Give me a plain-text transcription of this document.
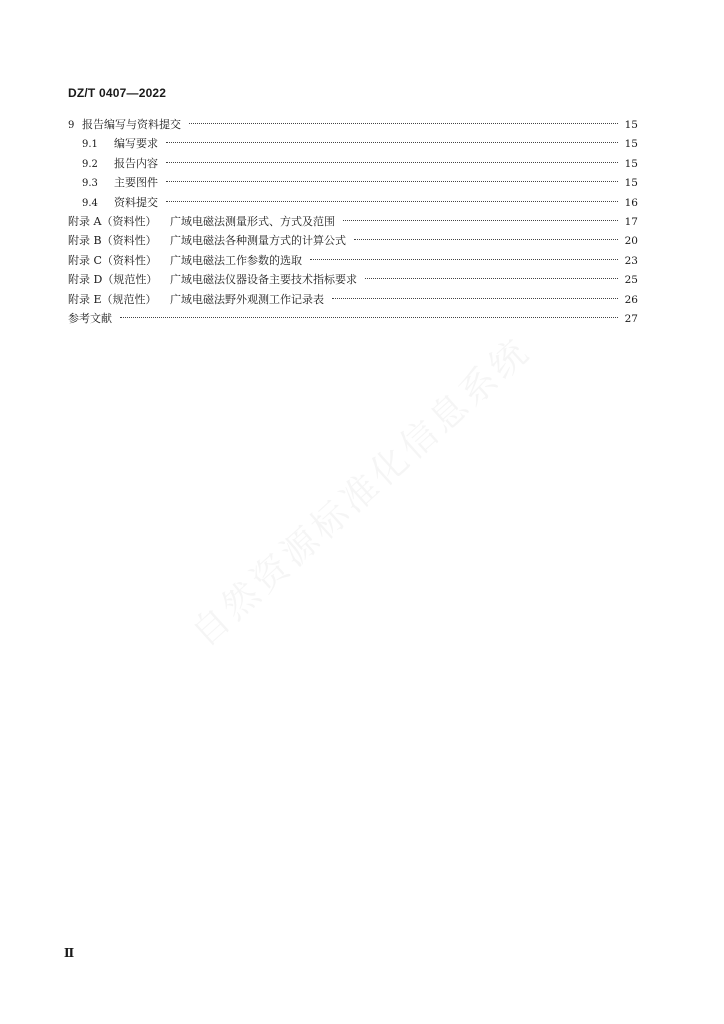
DZ/T 0407—2022
9 报告编写与资料提交	15
9.1	编写要求	15
9.2	报告内容	15
9.3	主要图件	15
9.4	资料提交	16
附录 A（资料性）	广域电磁法测量形式、方式及范围	17
附录 B（资料性）	广域电磁法各种测量方式的计算公式	20
附录 C（资料性）	广域电磁法工作参数的选取	23
附录 D（规范性）	广域电磁法仪器设备主要技术指标要求	25
附录 E（规范性）	广域电磁法野外观测工作记录表	26
参考文献	27
自然资源标准化信息系统
Ⅱ
